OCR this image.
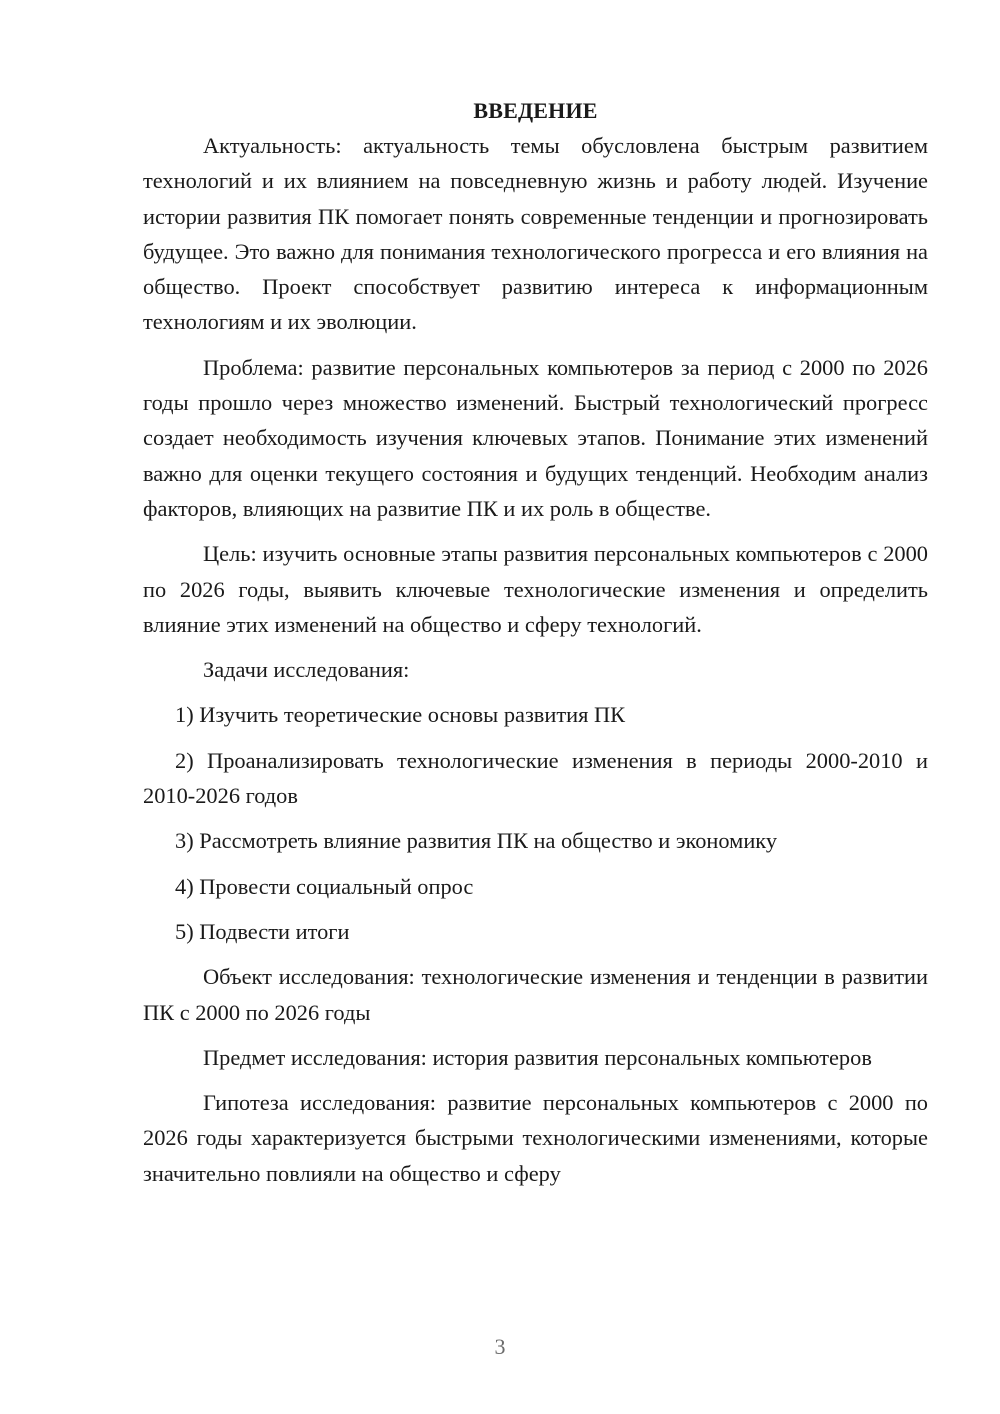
ВВЕДЕНИЕ

Актуальность: актуальность темы обусловлена быстрым развитием технологий и их влиянием на повседневную жизнь и работу людей. Изучение истории развития ПК помогает понять современные тенденции и прогнозировать будущее. Это важно для понимания технологического прогресса и его влияния на общество. Проект способствует развитию интереса к информационным технологиям и их эволюции.

Проблема: развитие персональных компьютеров за период с 2000 по 2026 годы прошло через множество изменений. Быстрый технологический прогресс создает необходимость изучения ключевых этапов. Понимание этих изменений важно для оценки текущего состояния и будущих тенденций. Необходим анализ факторов, влияющих на развитие ПК и их роль в обществе.

Цель: изучить основные этапы развития персональных компьютеров с 2000 по 2026 годы, выявить ключевые технологические изменения и определить влияние этих изменений на общество и сферу технологий.

Задачи исследования:

1) Изучить теоретические основы развития ПК

2) Проанализировать технологические изменения в периоды 2000-2010 и 2010-2026 годов

3) Рассмотреть влияние развития ПК на общество и экономику

4) Провести социальный опрос

5) Подвести итоги

Объект исследования: технологические изменения и тенденции в развитии ПК с 2000 по 2026 годы

Предмет исследования: история развития персональных компьютеров

Гипотеза исследования: развитие персональных компьютеров с 2000 по 2026 годы характеризуется быстрыми технологическими изменениями, которые значительно повлияли на общество и сферу

3
